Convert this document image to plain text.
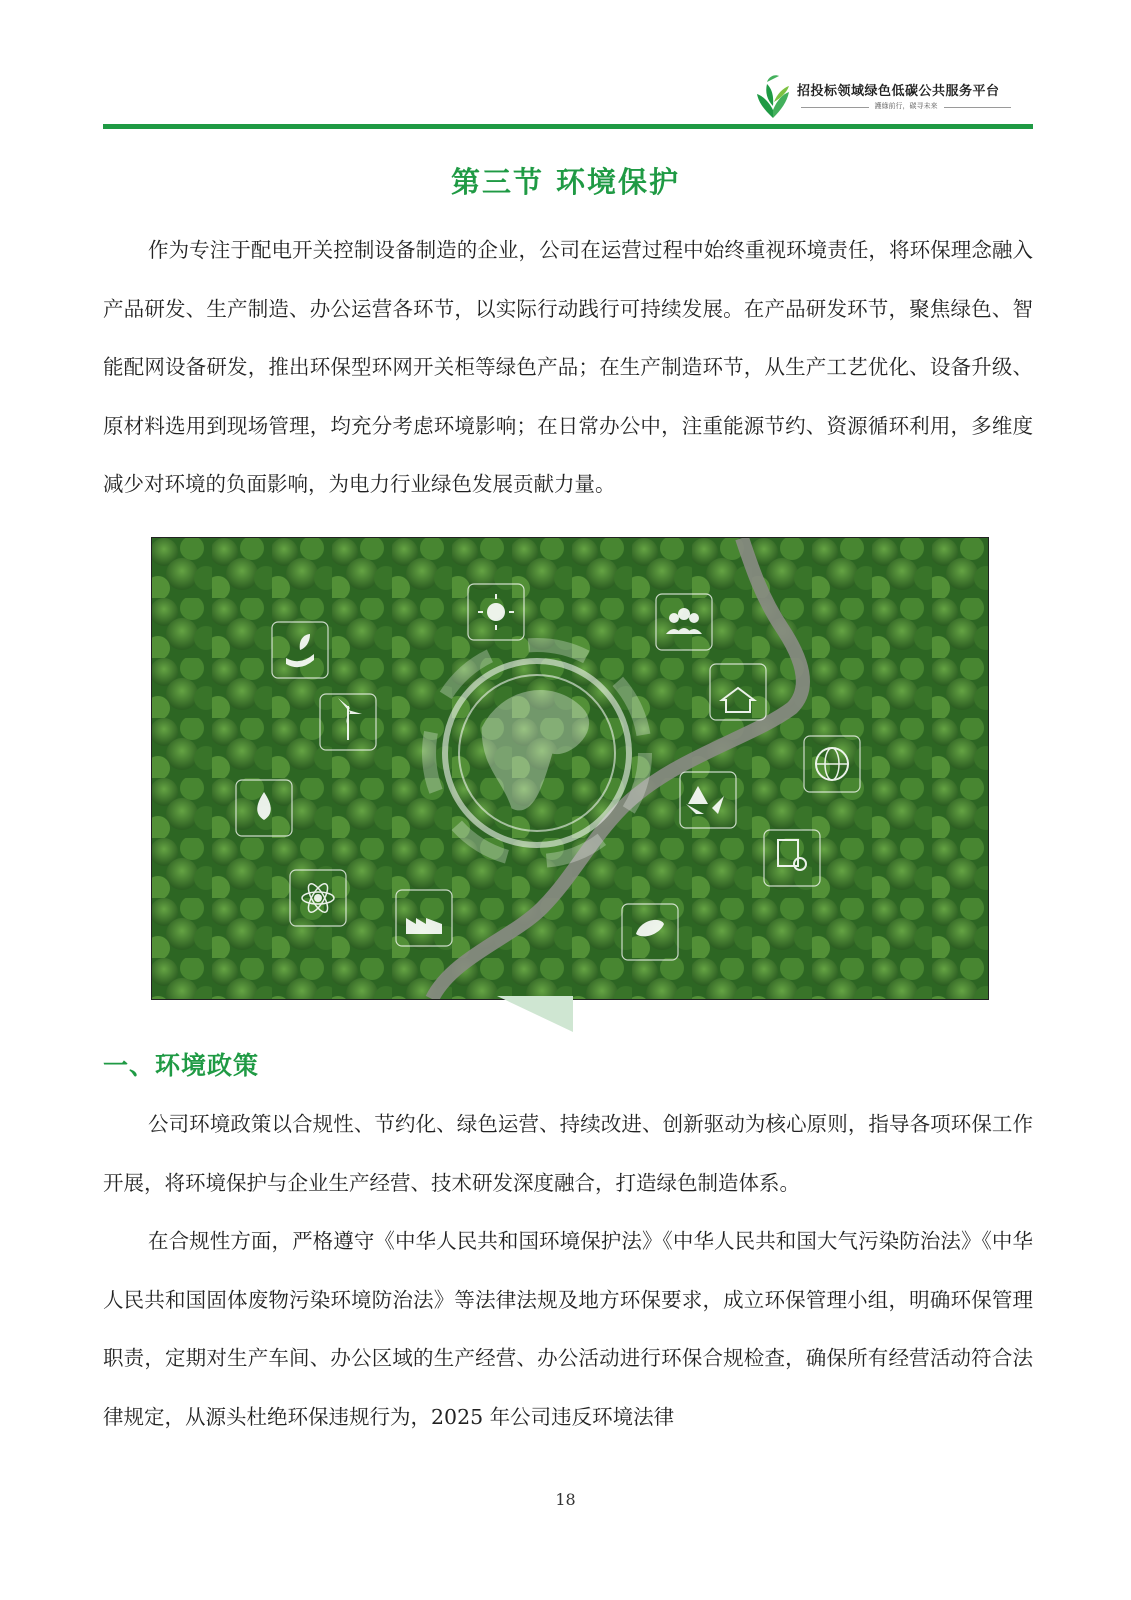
招投标领域绿色低碳公共服务平台
護綠前行，碳寻未来
第三节 环境保护

作为专注于配电开关控制设备制造的企业，公司在运营过程中始终重视环境责任，将环保理念融入产品研发、生产制造、办公运营各环节，以实际行动践行可持续发展。在产品研发环节，聚焦绿色、智能配网设备研发，推出环保型环网开关柜等绿色产品；在生产制造环节，从生产工艺优化、设备升级、原材料选用到现场管理，均充分考虑环境影响；在日常办公中，注重能源节约、资源循环利用，多维度减少对环境的负面影响，为电力行业绿色发展贡献力量。

一、环境政策

公司环境政策以合规性、节约化、绿色运营、持续改进、创新驱动为核心原则，指导各项环保工作开展，将环境保护与企业生产经营、技术研发深度融合，打造绿色制造体系。

在合规性方面，严格遵守《中华人民共和国环境保护法》《中华人民共和国大气污染防治法》《中华人民共和国固体废物污染环境防治法》等法律法规及地方环保要求，成立环保管理小组，明确环保管理职责，定期对生产车间、办公区域的生产经营、办公活动进行环保合规检查，确保所有经营活动符合法律规定，从源头杜绝环保违规行为，2025 年公司违反环境法律

18
